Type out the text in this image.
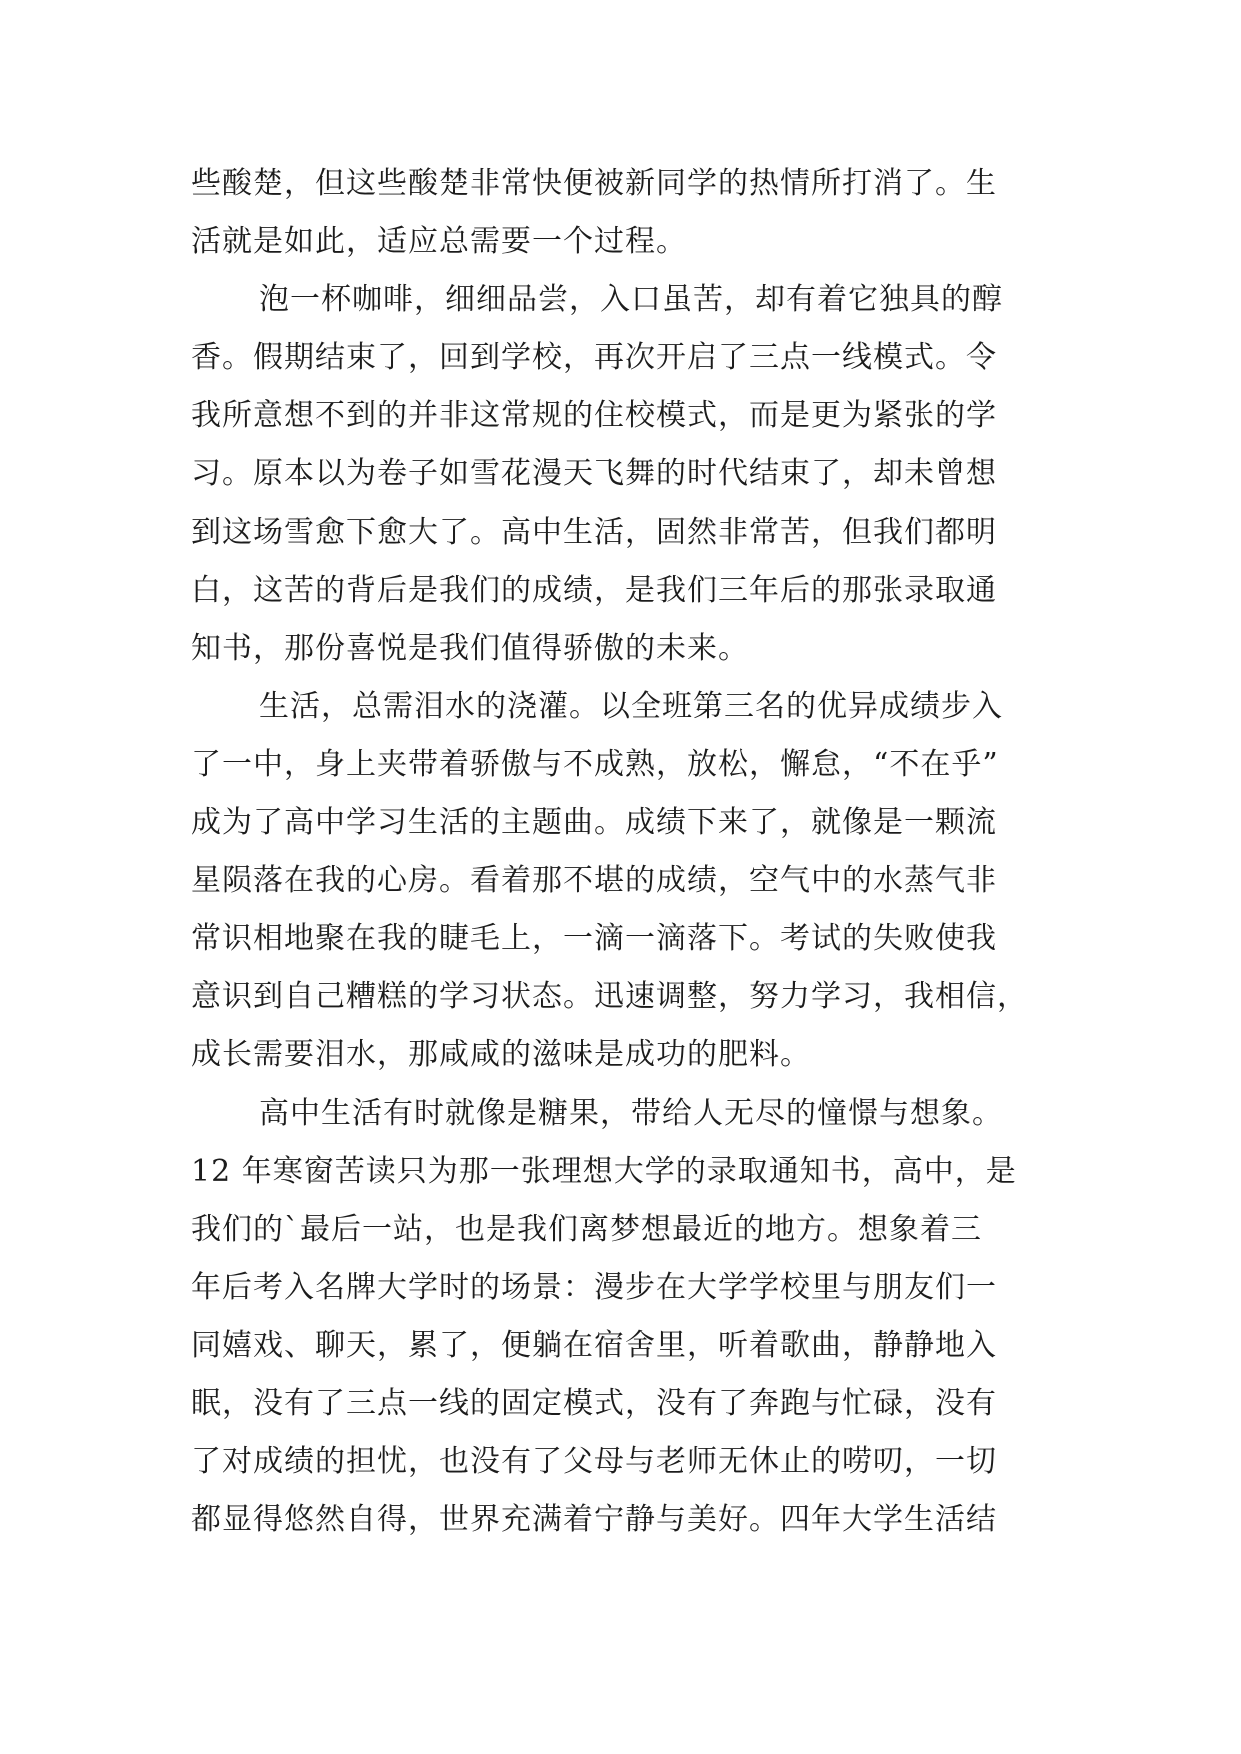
些酸楚，但这些酸楚非常快便被新同学的热情所打消了。生
活就是如此，适应总需要一个过程。
泡一杯咖啡，细细品尝，入口虽苦，却有着它独具的醇
香。假期结束了，回到学校，再次开启了三点一线模式。令
我所意想不到的并非这常规的住校模式，而是更为紧张的学
习。原本以为卷子如雪花漫天飞舞的时代结束了，却未曾想
到这场雪愈下愈大了。高中生活，固然非常苦，但我们都明
白，这苦的背后是我们的成绩，是我们三年后的那张录取通
知书，那份喜悦是我们值得骄傲的未来。
生活，总需泪水的浇灌。以全班第三名的优异成绩步入
了一中，身上夹带着骄傲与不成熟，放松，懈怠，“不在乎”
成为了高中学习生活的主题曲。成绩下来了，就像是一颗流
星陨落在我的心房。看着那不堪的成绩，空气中的水蒸气非
常识相地聚在我的睫毛上，一滴一滴落下。考试的失败使我
意识到自己糟糕的学习状态。迅速调整，努力学习，我相信，
成长需要泪水，那咸咸的滋味是成功的肥料。
高中生活有时就像是糖果，带给人无尽的憧憬与想象。
12 年寒窗苦读只为那一张理想大学的录取通知书，高中，是
我们的`最后一站，也是我们离梦想最近的地方。想象着三
年后考入名牌大学时的场景：漫步在大学学校里与朋友们一
同嬉戏、聊天，累了，便躺在宿舍里，听着歌曲，静静地入
眠，没有了三点一线的固定模式，没有了奔跑与忙碌，没有
了对成绩的担忧，也没有了父母与老师无休止的唠叨，一切
都显得悠然自得，世界充满着宁静与美好。四年大学生活结
